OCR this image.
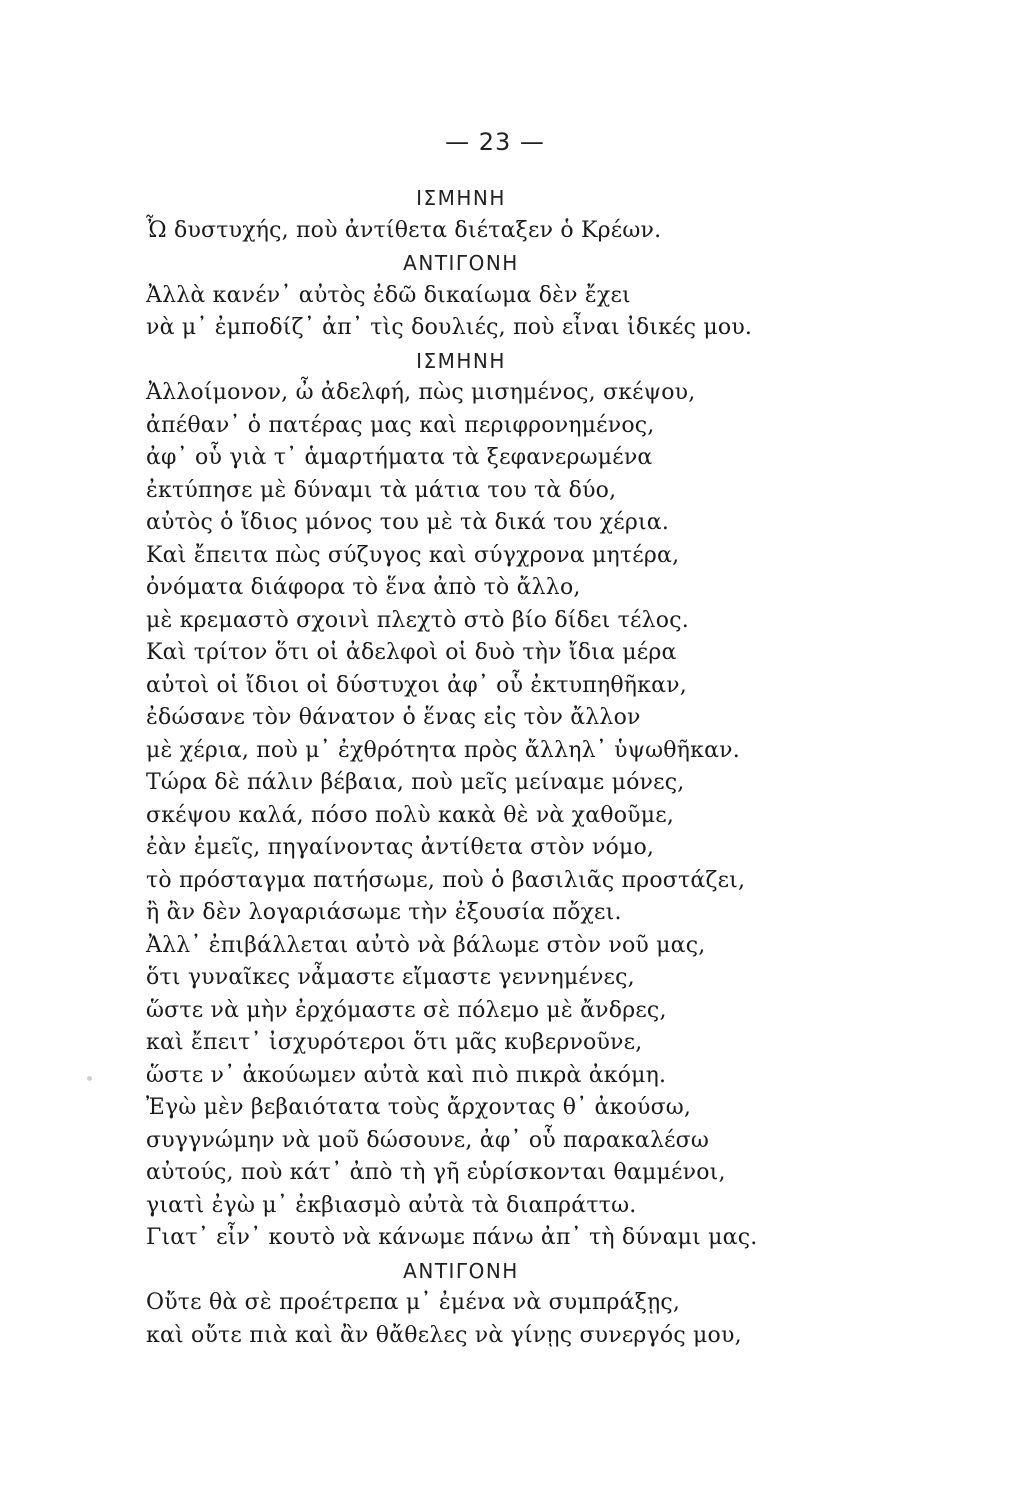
— 23 —
ΙΣΜΗΝΗ
Ὦ δυστυχής, ποὺ ἀντίθετα διέταξεν ὁ Κρέων.
ΑΝΤΙΓΟΝΗ
Ἀλλὰ κανέν᾿ αὐτὸς ἐδῶ δικαίωμα δὲν ἔχει
νὰ μ᾿ ἐμποδίζ᾿ ἀπ᾿ τὶς δουλιές, ποὺ εἶναι ἰδικές μου.
ΙΣΜΗΝΗ
Ἀλλοίμονον, ὦ ἀδελφή, πὼς μισημένος, σκέψου,
ἀπέθαν᾿ ὁ πατέρας μας καὶ περιφρονημένος,
ἀφ᾿ οὗ γιὰ τ᾿ ἁμαρτήματα τὰ ξεφανερωμένα
ἐκτύπησε μὲ δύναμι τὰ μάτια του τὰ δύο,
αὐτὸς ὁ ἴδιος μόνος του μὲ τὰ δικά του χέρια.
Καὶ ἔπειτα πὼς σύζυγος καὶ σύγχρονα μητέρα,
ὀνόματα διάφορα τὸ ἕνα ἀπὸ τὸ ἄλλο,
μὲ κρεμαστὸ σχοινὶ πλεχτὸ στὸ βίο δίδει τέλος.
Καὶ τρίτον ὅτι οἱ ἀδελφοὶ οἱ δυὸ τὴν ἴδια μέρα
αὐτοὶ οἱ ἴδιοι οἱ δύστυχοι ἀφ᾿ οὗ ἐκτυπηθῆκαν,
ἐδώσανε τὸν θάνατον ὁ ἕνας εἰς τὸν ἄλλον
μὲ χέρια, ποὺ μ᾿ ἐχθρότητα πρὸς ἄλληλ᾿ ὑψωθῆκαν.
Τώρα δὲ πάλιν βέβαια, ποὺ μεῖς μείναμε μόνες,
σκέψου καλά, πόσο πολὺ κακὰ θὲ νὰ χαθοῦμε,
ἐὰν ἐμεῖς, πηγαίνοντας ἀντίθετα στὸν νόμο,
τὸ πρόσταγμα πατήσωμε, ποὺ ὁ βασιλιᾶς προστάζει,
ἢ ἂν δὲν λογαριάσωμε τὴν ἐξουσία πὄχει.
Ἀλλ᾿ ἐπιβάλλεται αὐτὸ νὰ βάλωμε στὸν νοῦ μας,
ὅτι γυναῖκες νἆμαστε εἴμαστε γεννημένες,
ὥστε νὰ μὴν ἐρχόμαστε σὲ πόλεμο μὲ ἄνδρες,
καὶ ἔπειτ᾿ ἰσχυρότεροι ὅτι μᾶς κυβερνοῦνε,
ὥστε ν᾿ ἀκούωμεν αὐτὰ καὶ πιὸ πικρὰ ἀκόμη.
Ἐγὼ μὲν βεβαιότατα τοὺς ἄρχοντας θ᾿ ἀκούσω,
συγγνώμην νὰ μοῦ δώσουνε, ἀφ᾿ οὗ παρακαλέσω
αὐτούς, ποὺ κάτ᾿ ἀπὸ τὴ γῆ εὑρίσκονται θαμμένοι,
γιατὶ ἐγὼ μ᾿ ἐκβιασμὸ αὐτὰ τὰ διαπράττω.
Γιατ᾿ εἶν᾿ κουτὸ νὰ κάνωμε πάνω ἀπ᾿ τὴ δύναμι μας.
ΑΝΤΙΓΟΝΗ
Οὔτε θὰ σὲ προέτρεπα μ᾿ ἐμένα νὰ συμπράξῃς,
καὶ οὔτε πιὰ καὶ ἂν θἄθελες νὰ γίνῃς συνεργός μου,
